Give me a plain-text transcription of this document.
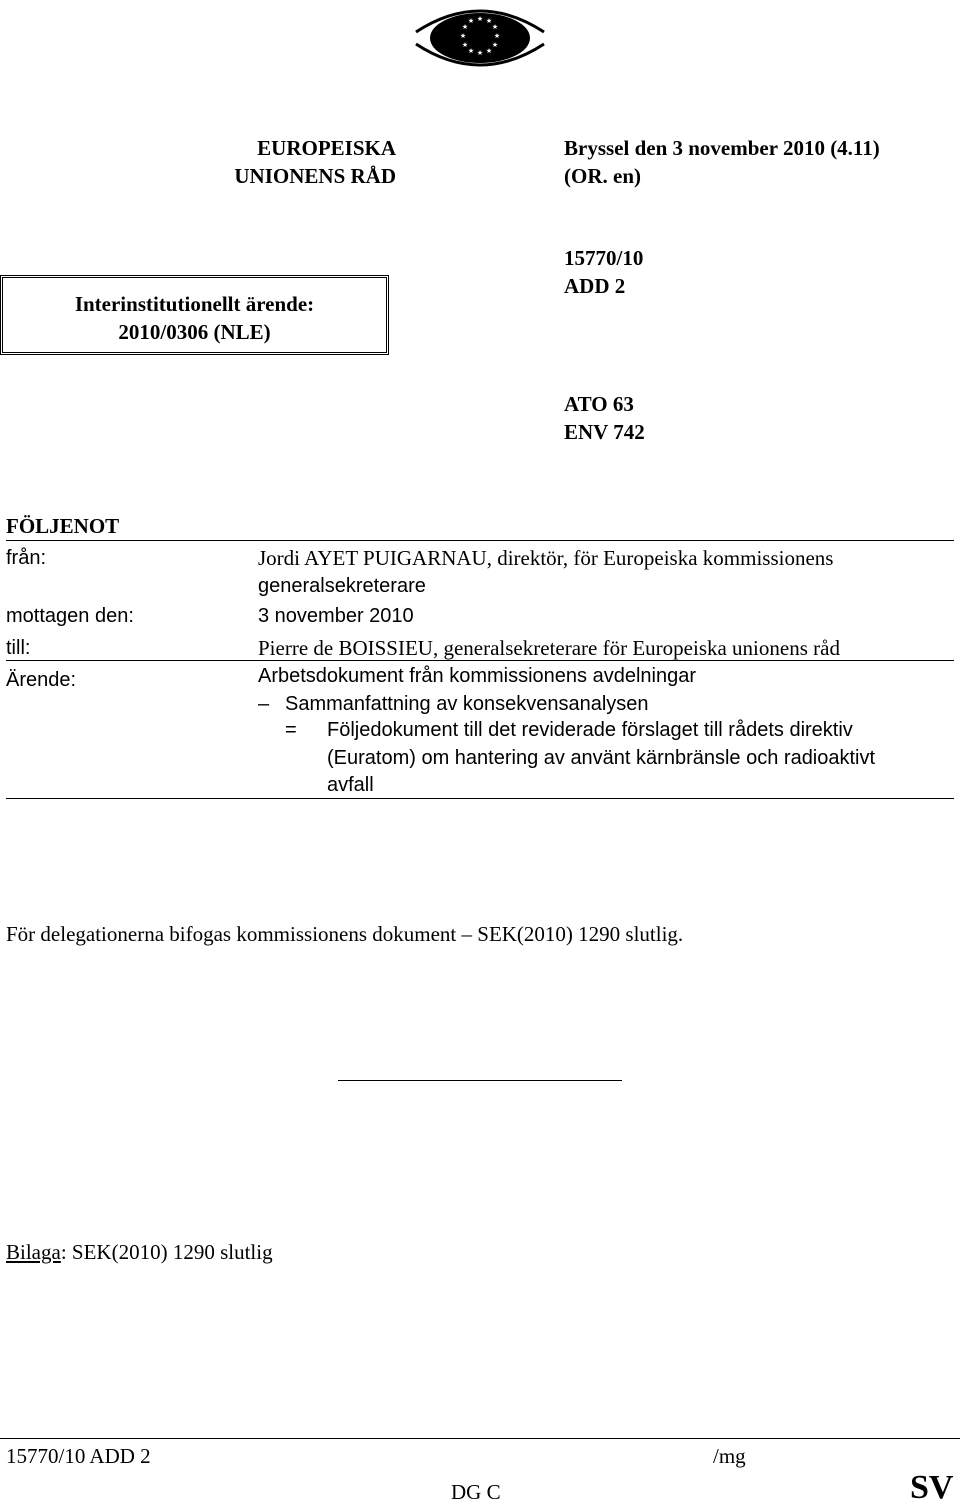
★ ★
★
★
★
★
★
★
★
★
★
★
EUROPEISKA
UNIONENS RÅD
Bryssel den 3 november 2010 (4.11)
(OR. en)
Interinstitutionellt ärende:
2010/0306 (NLE)
15770/10
ADD 2
ATO 63
ENV 742
FÖLJENOT
från:	Jordi AYET PUIGARNAU, direktör, för Europeiska kommissionens
generalsekreterare
mottagen den:	3 november 2010
till:	Pierre de BOISSIEU, generalsekreterare för Europeiska unionens råd
Ärende:	Arbetsdokument från kommissionens avdelningar
– Sammanfattning av konsekvensanalysen
= Följedokument till det reviderade förslaget till rådets direktiv
(Euratom) om hantering av använt kärnbränsle och radioaktivt
avfall
För delegationerna bifogas kommissionens dokument – SEK(2010) 1290 slutlig.
Bilaga: SEK(2010) 1290 slutlig
15770/10 ADD 2	/mg
DG C	SV
